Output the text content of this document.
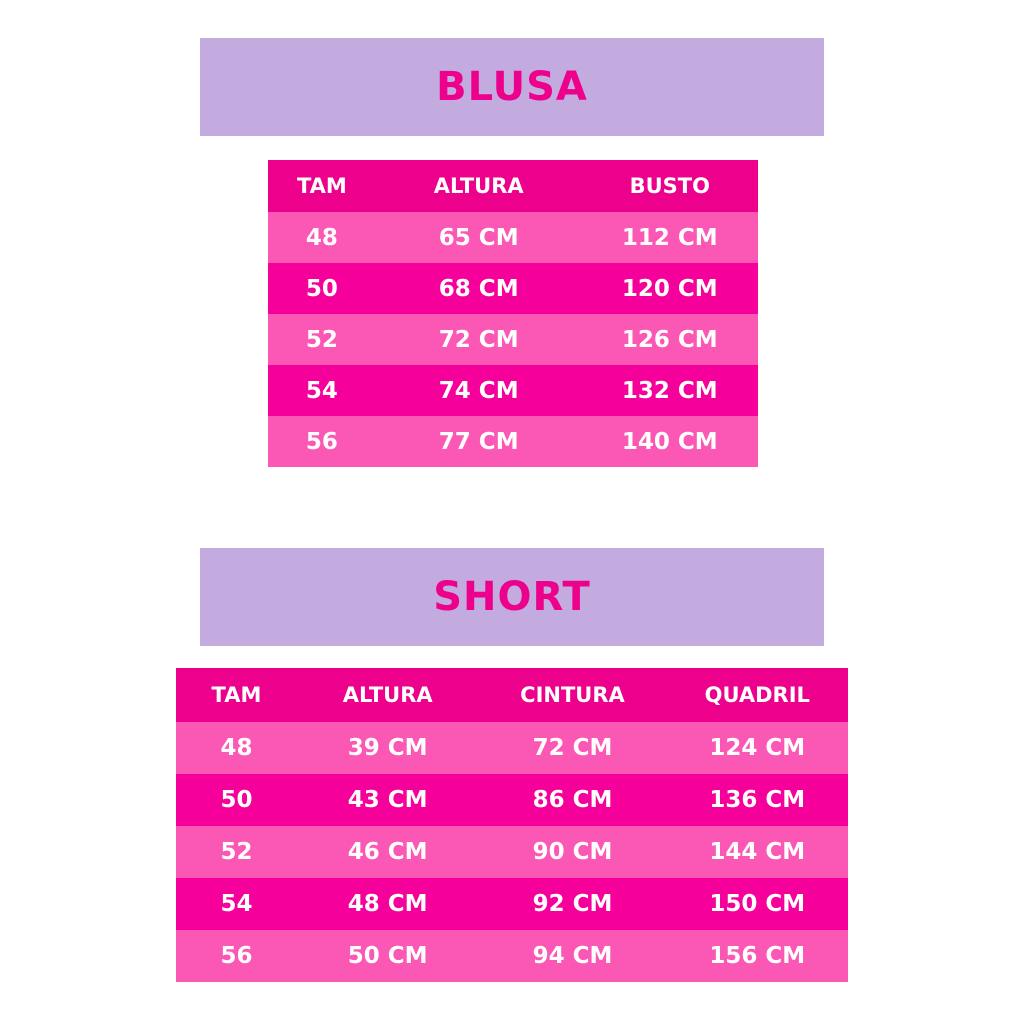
BLUSA
TAM	ALTURA	BUSTO
48	65 CM	112 CM
50	68 CM	120 CM
52	72 CM	126 CM
54	74 CM	132 CM
56	77 CM	140 CM
SHORT
TAM	ALTURA	CINTURA	QUADRIL
48	39 CM	72 CM	124 CM
50	43 CM	86 CM	136 CM
52	46 CM	90 CM	144 CM
54	48 CM	92 CM	150 CM
56	50 CM	94 CM	156 CM
